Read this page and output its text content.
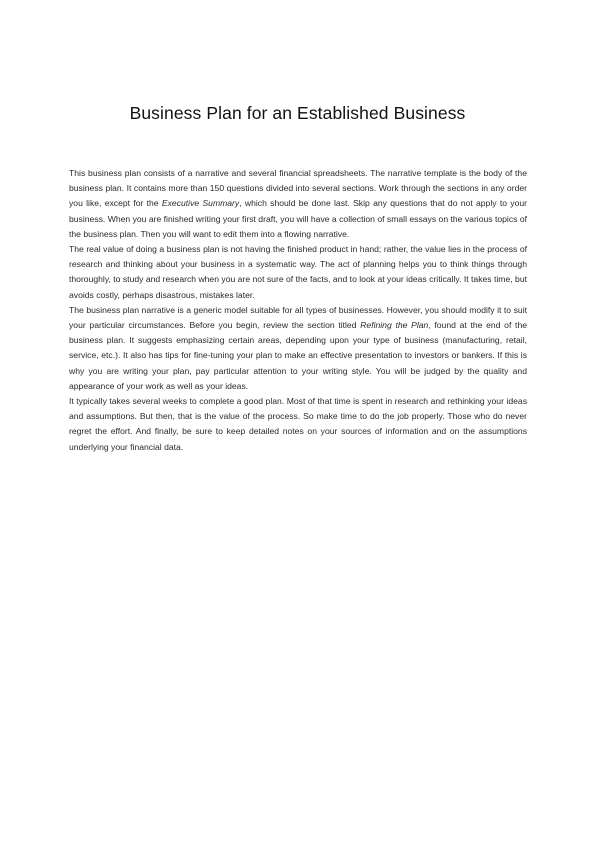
Business Plan for an Established Business

This business plan consists of a narrative and several financial spreadsheets. The narrative template is the body of the business plan. It contains more than 150 questions divided into several sections. Work through the sections in any order you like, except for the Executive Summary, which should be done last. Skip any questions that do not apply to your business. When you are finished writing your first draft, you will have a collection of small essays on the various topics of the business plan. Then you will want to edit them into a flowing narrative.

The real value of doing a business plan is not having the finished product in hand; rather, the value lies in the process of research and thinking about your business in a systematic way. The act of planning helps you to think things through thoroughly, to study and research when you are not sure of the facts, and to look at your ideas critically. It takes time, but avoids costly, perhaps disastrous, mistakes later.

The business plan narrative is a generic model suitable for all types of businesses. However, you should modify it to suit your particular circumstances. Before you begin, review the section titled Refining the Plan, found at the end of the business plan. It suggests emphasizing certain areas, depending upon your type of business (manufacturing, retail, service, etc.). It also has tips for fine-tuning your plan to make an effective presentation to investors or bankers. If this is why you are writing your plan, pay particular attention to your writing style. You will be judged by the quality and appearance of your work as well as your ideas.

It typically takes several weeks to complete a good plan. Most of that time is spent in research and rethinking your ideas and assumptions. But then, that is the value of the process. So make time to do the job properly. Those who do never regret the effort. And finally, be sure to keep detailed notes on your sources of information and on the assumptions underlying your financial data.
